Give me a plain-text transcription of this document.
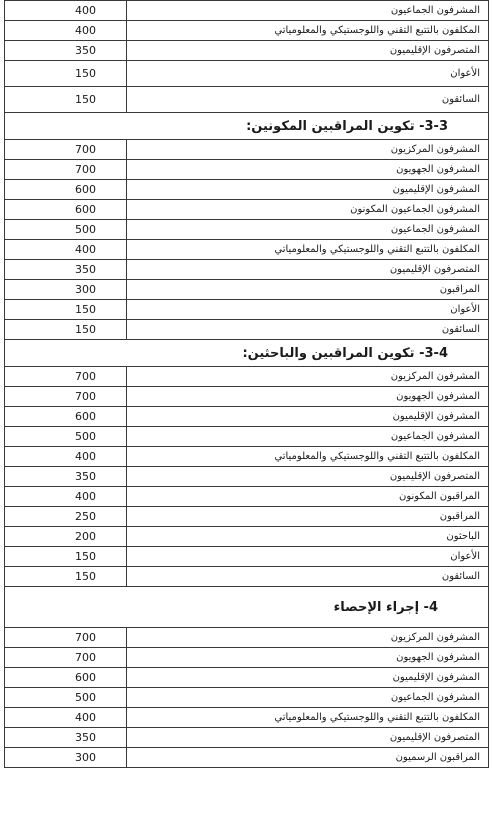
400	المشرفون الجماعيون
400	المكلفون بالتتبع التقني واللوجستيكي والمعلومياتي
350	المتصرفون الإقليميون
150	الأعوان
150	السائقون
3-3- تكوين المراقبين المكونين:	
700	المشرفون المركزيون
700	المشرفون الجهويون
600	المشرفون الإقليميون
600	المشرفون الجماعيون المكونون
500	المشرفون الجماعيون
400	المكلفون بالتتبع التقني واللوجستيكي والمعلومياتي
350	المتصرفون الإقليميون
300	المراقبون
150	الأعوان
150	السائقون
3-4- تكوين المراقبين والباحثين:	
700	المشرفون المركزيون
700	المشرفون الجهويون
600	المشرفون الإقليميون
500	المشرفون الجماعيون
400	المكلفون بالتتبع التقني واللوجستيكي والمعلومياتي
350	المتصرفون الإقليميون
400	المراقبون المكونون
250	المراقبون
200	الباحثون
150	الأعوان
150	السائقون
4- إجراء الإحصاء	
700	المشرفون المركزيون
700	المشرفون الجهويون
600	المشرفون الإقليميون
500	المشرفون الجماعيون
400	المكلفون بالتتبع التقني واللوجستيكي والمعلومياتي
350	المتصرفون الإقليميون
300	المراقبون الرسميون
